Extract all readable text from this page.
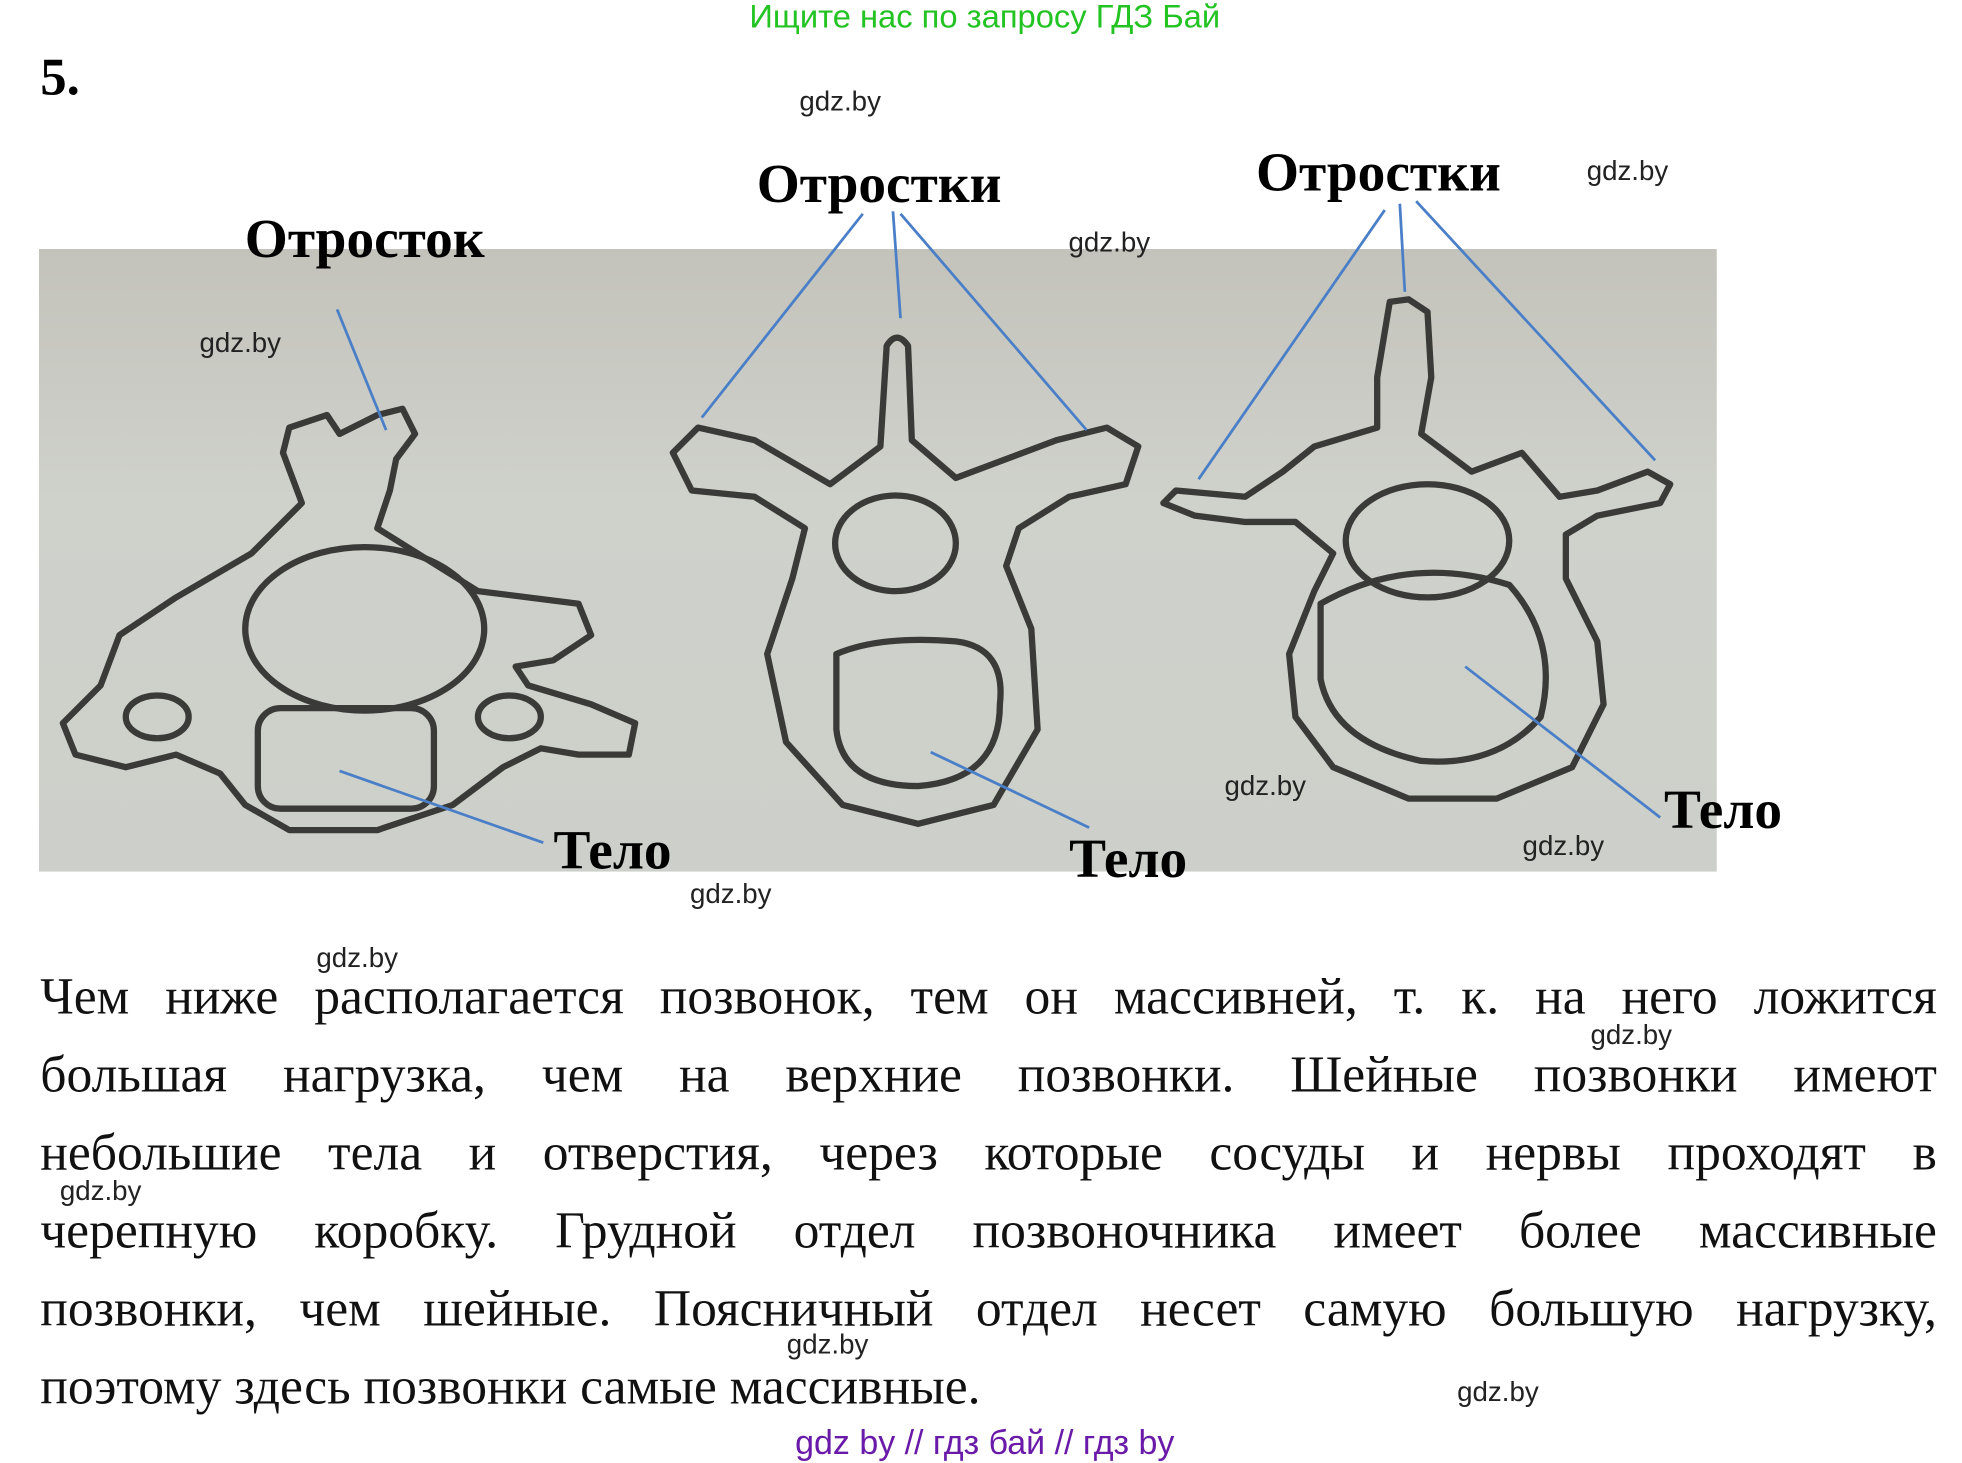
Ищите нас по запросу ГДЗ Бай
5.
Отросток
Отростки	Отростки
Тело	Тело
Тело
Чем ниже располагается позвонок, тем он массивней, т. к. на него ложится
большая нагрузка, чем на верхние позвонки. Шейные позвонки имеют
небольшие тела и отверстия, через которые сосуды и нервы проходят в
черепную коробку. Грудной отдел позвоночника имеет более массивные
позвонки, чем шейные. Поясничный отдел несет самую большую нагрузку,
поэтому здесь позвонки самые массивные.
gdz.by
gdz.by
gdz.by
gdz.by
gdz.by
gdz.by
gdz.by
gdz.by
gdz.by
gdz.by
gdz.by
gdz.by
gdz by // гдз бай // гдз by
